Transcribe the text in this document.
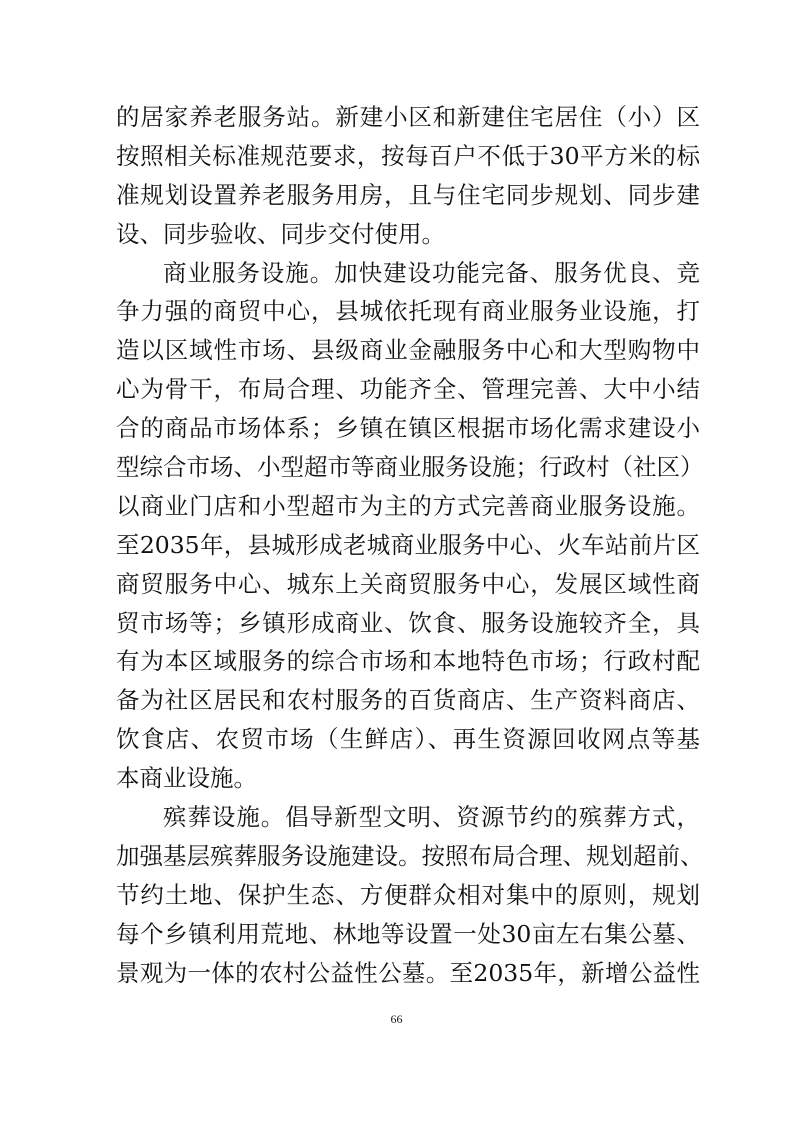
的居家养老服务站。新建小区和新建住宅居住（小）区
按照相关标准规范要求，按每百户不低于30平方米的标
准规划设置养老服务用房，且与住宅同步规划、同步建
设、同步验收、同步交付使用。
商业服务设施。加快建设功能完备、服务优良、竞
争力强的商贸中心，县城依托现有商业服务业设施，打
造以区域性市场、县级商业金融服务中心和大型购物中
心为骨干，布局合理、功能齐全、管理完善、大中小结
合的商品市场体系；乡镇在镇区根据市场化需求建设小
型综合市场、小型超市等商业服务设施；行政村（社区）
以商业门店和小型超市为主的方式完善商业服务设施。
至2035年，县城形成老城商业服务中心、火车站前片区
商贸服务中心、城东上关商贸服务中心，发展区域性商
贸市场等；乡镇形成商业、饮食、服务设施较齐全，具
有为本区域服务的综合市场和本地特色市场；行政村配
备为社区居民和农村服务的百货商店、生产资料商店、
饮食店、农贸市场（生鲜店）、再生资源回收网点等基
本商业设施。
殡葬设施。倡导新型文明、资源节约的殡葬方式，
加强基层殡葬服务设施建设。按照布局合理、规划超前、
节约土地、保护生态、方便群众相对集中的原则，规划
每个乡镇利用荒地、林地等设置一处30亩左右集公墓、
景观为一体的农村公益性公墓。至2035年，新增公益性
66
